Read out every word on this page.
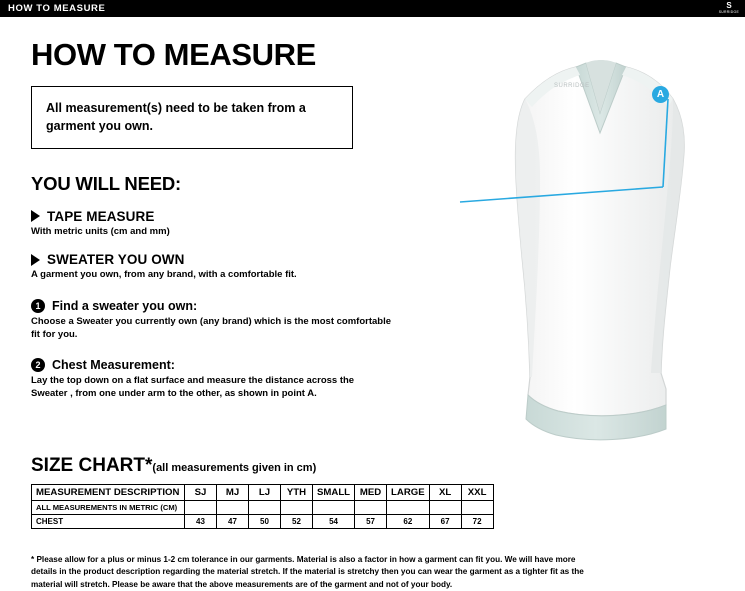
HOW TO MEASURE	S
SURRIDGE
HOW TO MEASURE
All measurement(s) need to be taken from a garment you own.
YOU WILL NEED:
TAPE MEASURE
With metric units (cm and mm)
SWEATER YOU OWN
A garment you own, from any brand, with a comfortable fit.
1 Find a sweater you own:
Choose a Sweater you currently own (any brand) which is the most comfortable fit for you.
2 Chest Measurement:
Lay the top down on a flat surface and measure the distance across the Sweater , from one under arm to the other, as shown in point A.
SURRIDGE
A
SIZE CHART*(all measurements given in cm)
MEASUREMENT DESCRIPTION	SJ	MJ	LJ	YTH	SMALL	MED	LARGE	XL	XXL
ALL MEASUREMENTS IN METRIC (CM)									
CHEST	43	47	50	52	54	57	62	67	72
* Please allow for a plus or minus 1-2 cm tolerance in our garments. Material is also a factor in how a garment can fit you. We will have more details in the product description regarding the material stretch. If the material is stretchy then you can wear the garment as a tighter fit as the material will stretch. Please be aware that the above measurements are of the garment and not of your body.
